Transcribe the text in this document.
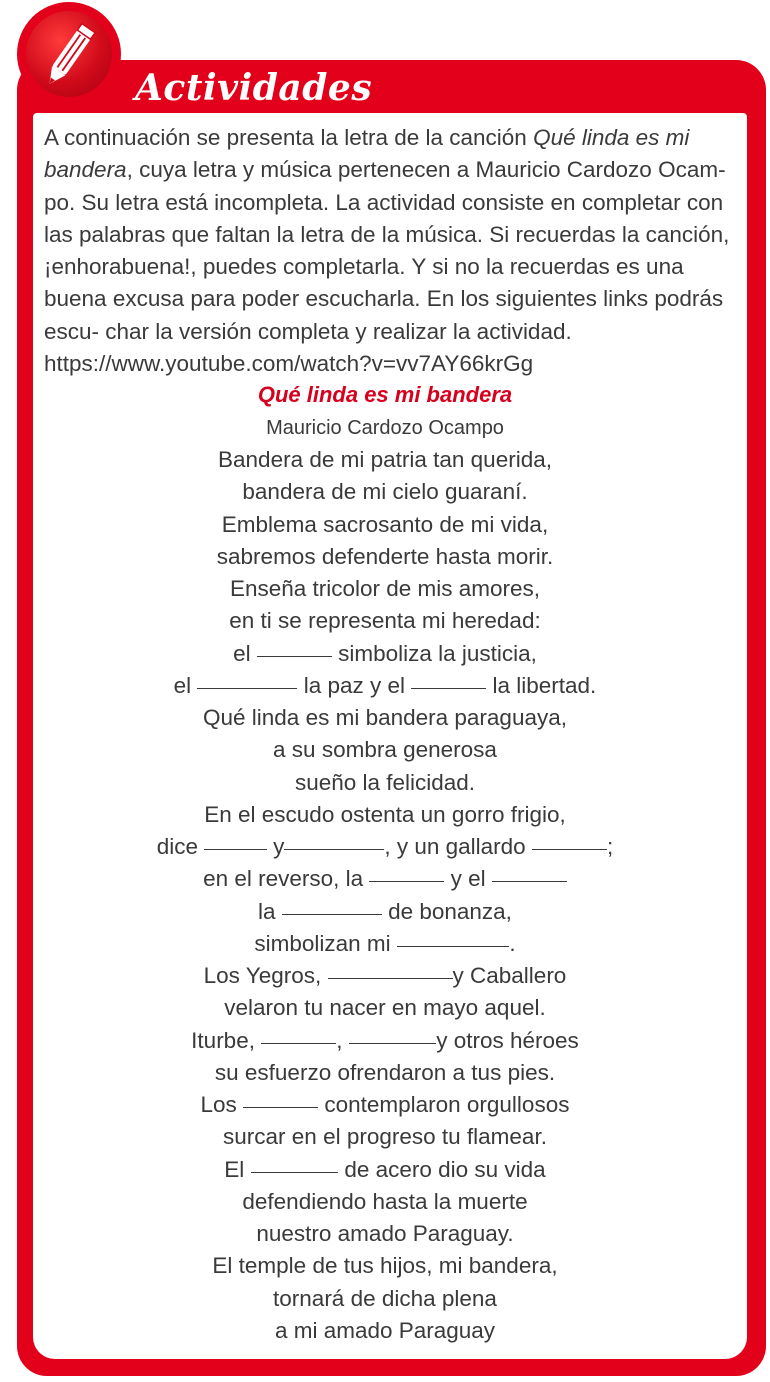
Actividades

A continuación se presenta la letra de la canción Qué linda es mi bandera, cuya letra y música pertenecen a Mauricio Cardozo Ocam- po. Su letra está incompleta. La actividad consiste en completar con las palabras que faltan la letra de la música. Si recuerdas la canción, ¡enhorabuena!, puedes completarla. Y si no la recuerdas es una buena excusa para poder escucharla. En los siguientes links podrás escu- char la versión completa y realizar la actividad.
https://www.youtube.com/watch?v=vv7AY66krGg

Qué linda es mi bandera
Mauricio Cardozo Ocampo
Bandera de mi patria tan querida,
bandera de mi cielo guaraní.
Emblema sacrosanto de mi vida,
sabremos defenderte hasta morir.
Enseña tricolor de mis amores,
en ti se representa mi heredad:
el	simboliza la justicia,
el	la paz y el	la libertad.
Qué linda es mi bandera paraguaya,
a su sombra generosa
sueño la felicidad.
En el escudo ostenta un gorro frigio,
dice	y	, y un gallardo	;
en el reverso, la	y el
la	de bonanza,
simbolizan mi	.
Los Yegros,	y Caballero
velaron tu nacer en mayo aquel.
Iturbe,	,	y otros héroes
su esfuerzo ofrendaron a tus pies.
Los	contemplaron orgullosos
surcar en el progreso tu flamear.
El	de acero dio su vida
defendiendo hasta la muerte
nuestro amado Paraguay.
El temple de tus hijos, mi bandera,
tornará de dicha plena
a mi amado Paraguay
